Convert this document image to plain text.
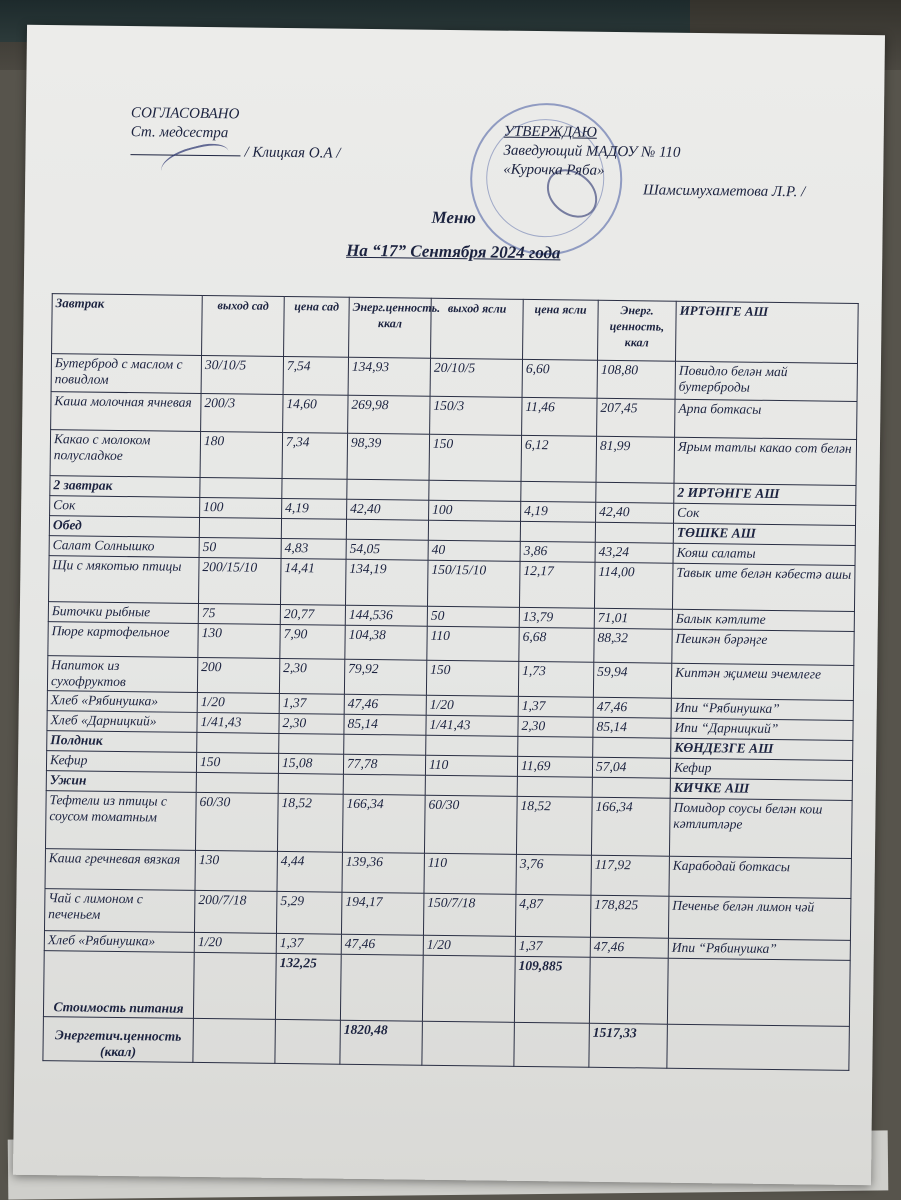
СОГЛАСОВАНО
Ст. медсестра
/ Клицкая О.А /
УТВЕРЖДАЮ
Заведующий МАДОУ № 110
«Курочка Ряба»
Шамсимухаметова Л.Р. /
Меню
На “17” Сентября 2024 года
Завтрак	выход сад	цена сад	Энерг.ценность. ккал	выход ясли	цена ясли	Энерг. ценность, ккал	ИРТӘНГЕ АШ
Бутерброд с маслом с повидлом	30/10/5	7,54	134,93	20/10/5	6,60	108,80	Повидло белән май бутерброды
Каша молочная ячневая	200/3	14,60	269,98	150/3	11,46	207,45	Арпа боткасы
Какао с молоком полусладкое	180	7,34	98,39	150	6,12	81,99	Ярым татлы какао сот белән
2 завтрак							2 ИРТӘНГЕ АШ
Сок	100	4,19	42,40	100	4,19	42,40	Сок
Обед							ТӨШКЕ АШ
Салат Солнышко	50	4,83	54,05	40	3,86	43,24	Кояш салаты
Щи с мякотью птицы	200/15/10	14,41	134,19	150/15/10	12,17	114,00	Тавык ите белән кәбестә ашы
Биточки рыбные	75	20,77	144,536	50	13,79	71,01	Балык кәтлите
Пюре картофельное	130	7,90	104,38	110	6,68	88,32	Пешкән бәрәңге
Напиток из сухофруктов	200	2,30	79,92	150	1,73	59,94	Киптән җимеш эчемлеге
Хлеб «Рябинушка»	1/20	1,37	47,46	1/20	1,37	47,46	Ипи “Рябинушка”
Хлеб «Дарницкий»	1/41,43	2,30	85,14	1/41,43	2,30	85,14	Ипи “Дарницкий”
Полдник							КӨНДЕЗГЕ АШ
Кефир	150	15,08	77,78	110	11,69	57,04	Кефир
Ужин							КИЧКЕ АШ
Тефтели из птицы с соусом томатным	60/30	18,52	166,34	60/30	18,52	166,34	Помидор соусы белән кош кәтлитләре
Каша гречневая вязкая	130	4,44	139,36	110	3,76	117,92	Карабодай боткасы
Чай с лимоном с печеньем	200/7/18	5,29	194,17	150/7/18	4,87	178,825	Печенье белән лимон чәй
Хлеб «Рябинушка»	1/20	1,37	47,46	1/20	1,37	47,46	Ипи “Рябинушка”
Стоимость питания		132,25			109,885		
Энергетич.ценность (ккал)			1820,48			1517,33	
